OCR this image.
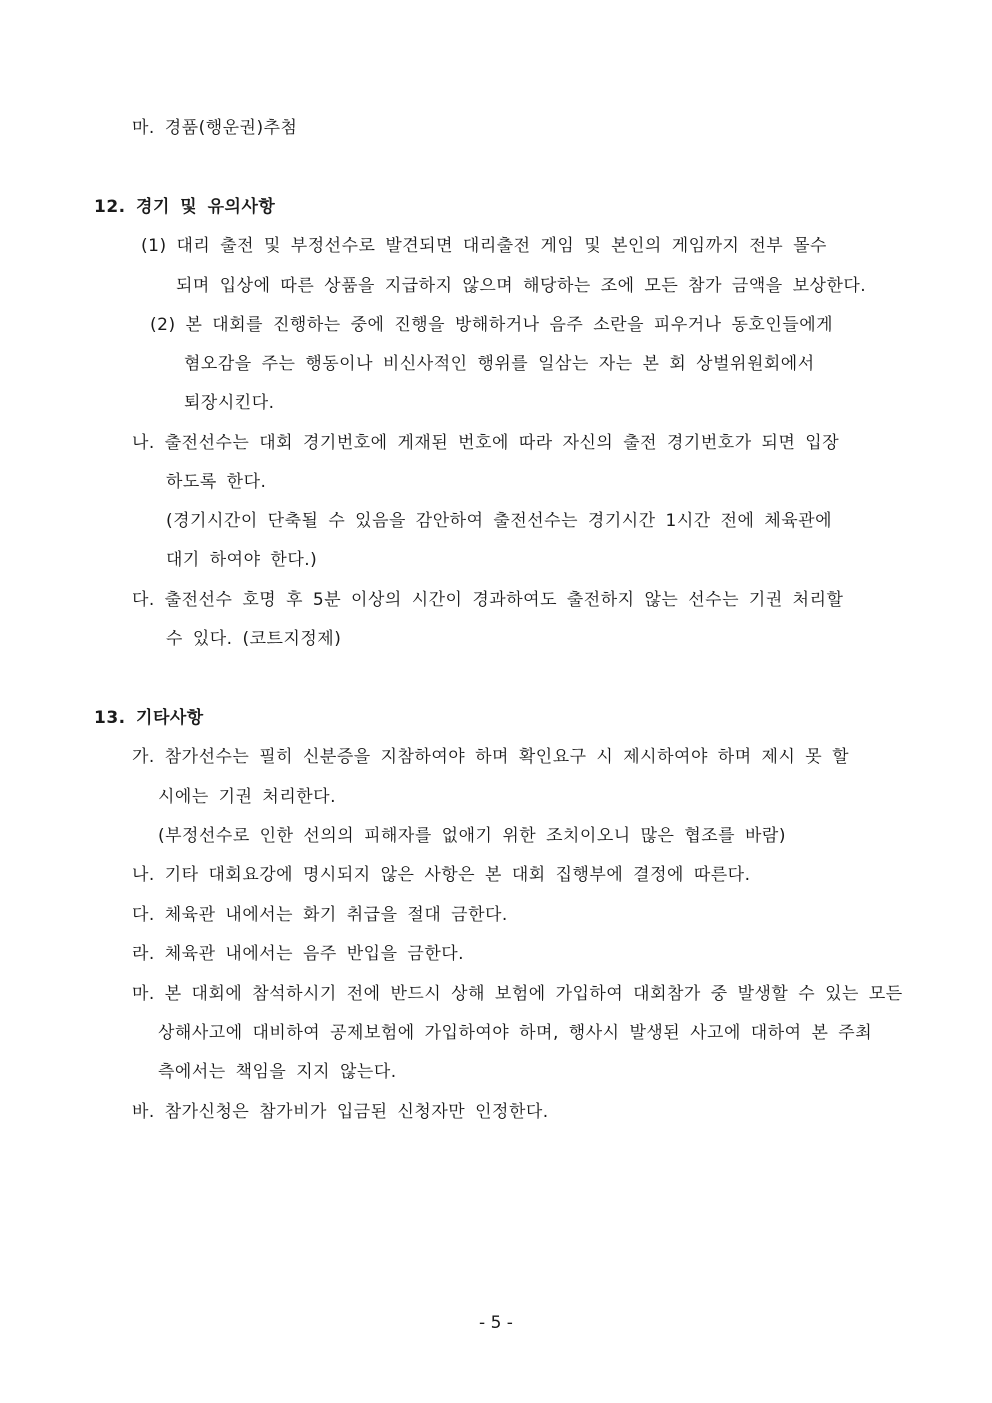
마. 경품(행운권)추첨
12. 경기 및 유의사항
(1) 대리 출전 및 부정선수로 발견되면 대리출전 게임 및 본인의 게임까지 전부 몰수
되며 입상에 따른 상품을 지급하지 않으며 해당하는 조에 모든 참가 금액을 보상한다.
(2) 본 대회를 진행하는 중에 진행을 방해하거나 음주 소란을 피우거나 동호인들에게
혐오감을 주는 행동이나 비신사적인 행위를 일삼는 자는 본 회 상벌위원회에서
퇴장시킨다.
나. 출전선수는 대회 경기번호에 게재된 번호에 따라 자신의 출전 경기번호가 되면 입장
하도록 한다.
(경기시간이 단축될 수 있음을 감안하여 출전선수는 경기시간 1시간 전에 체육관에
대기 하여야 한다.)
다. 출전선수 호명 후 5분 이상의 시간이 경과하여도 출전하지 않는 선수는 기권 처리할
수 있다. (코트지정제)
13. 기타사항
가. 참가선수는 필히 신분증을 지참하여야 하며 확인요구 시 제시하여야 하며 제시 못 할
시에는 기권 처리한다.
(부정선수로 인한 선의의 피해자를 없애기 위한 조치이오니 많은 협조를 바람)
나. 기타 대회요강에 명시되지 않은 사항은 본 대회 집행부에 결정에 따른다.
다. 체육관 내에서는 화기 취급을 절대 금한다.
라. 체육관 내에서는 음주 반입을 금한다.
마. 본 대회에 참석하시기 전에 반드시 상해 보험에 가입하여 대회참가 중 발생할 수 있는 모든
상해사고에 대비하여 공제보험에 가입하여야 하며, 행사시 발생된 사고에 대하여 본 주최
측에서는 책임을 지지 않는다.
바. 참가신청은 참가비가 입금된 신청자만 인정한다.
- 5 -
